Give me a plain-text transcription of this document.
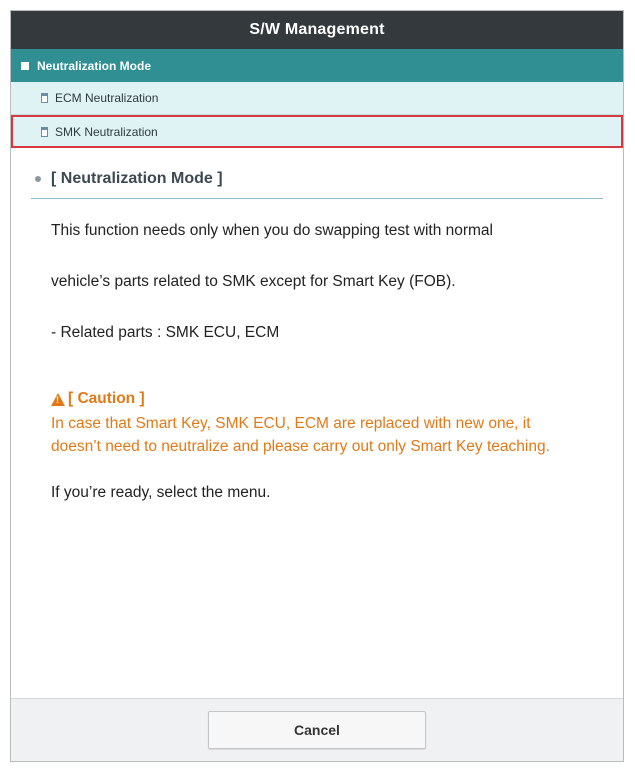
S/W Management
Neutralization Mode
ECM Neutralization
SMK Neutralization
[ Neutralization Mode ]

This function needs only when you do swapping test with normal

vehicle’s parts related to SMK except for Smart Key (FOB).

- Related parts : SMK ECU, ECM

!
[ Caution ]
In case that Smart Key, SMK ECU, ECM are replaced with new one, it doesn’t need to neutralize and please carry out only Smart Key teaching.

If you’re ready, select the menu.

Cancel
